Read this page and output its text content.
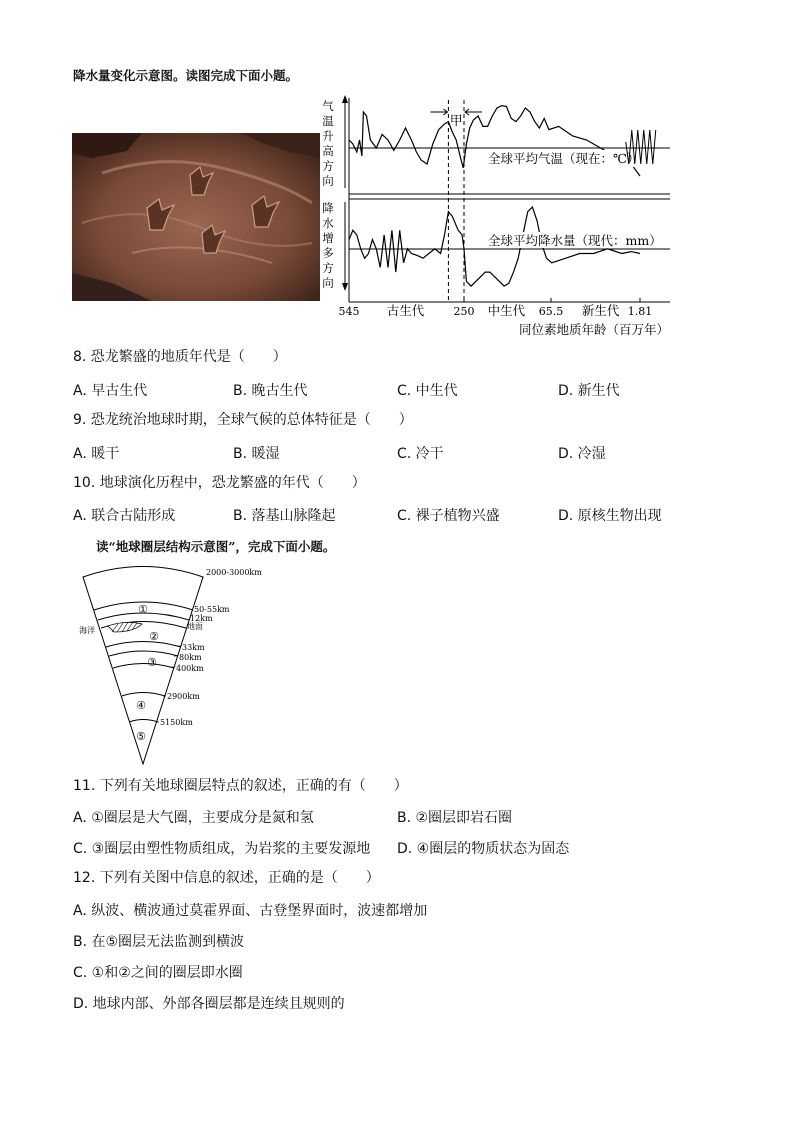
降水量变化示意图。读图完成下面小题。
气
温
升
高
方
向
降
水
增
多
方
向
甲
全球平均气温（现在：℃）
全球平均降水量（现代：mm）
545 古生代	250 中生代 65.5 新生代 1.81
同位素地质年龄（百万年）
8. 恐龙繁盛的地质年代是（　　）
A. 早古生代	B. 晚古生代	C. 中生代	D. 新生代
9. 恐龙统治地球时期，全球气候的总体特征是（　　）
A. 暖干	B. 暖湿	C. 冷干	D. 冷湿
10. 地球演化历程中，恐龙繁盛的年代（　　）
A. 联合古陆形成	B. 落基山脉隆起	C. 裸子植物兴盛	D. 原核生物出现
读“地球圈层结构示意图”，完成下面小题。
①
②
③
④
⑤
2000-3000km
50-55km
12km
地面
海洋
33km
80km
400km
2900km
5150km
11. 下列有关地球圈层特点的叙述，正确的有（　　）
A. ①圈层是大气圈，主要成分是氮和氢	B. ②圈层即岩石圈
C. ③圈层由塑性物质组成，为岩浆的主要发源地 D. ④圈层的物质状态为固态
12. 下列有关图中信息的叙述，正确的是（　　）
A. 纵波、横波通过莫霍界面、古登堡界面时，波速都增加
B. 在⑤圈层无法监测到横波
C. ①和②之间的圈层即水圈
D. 地球内部、外部各圈层都是连续且规则的
